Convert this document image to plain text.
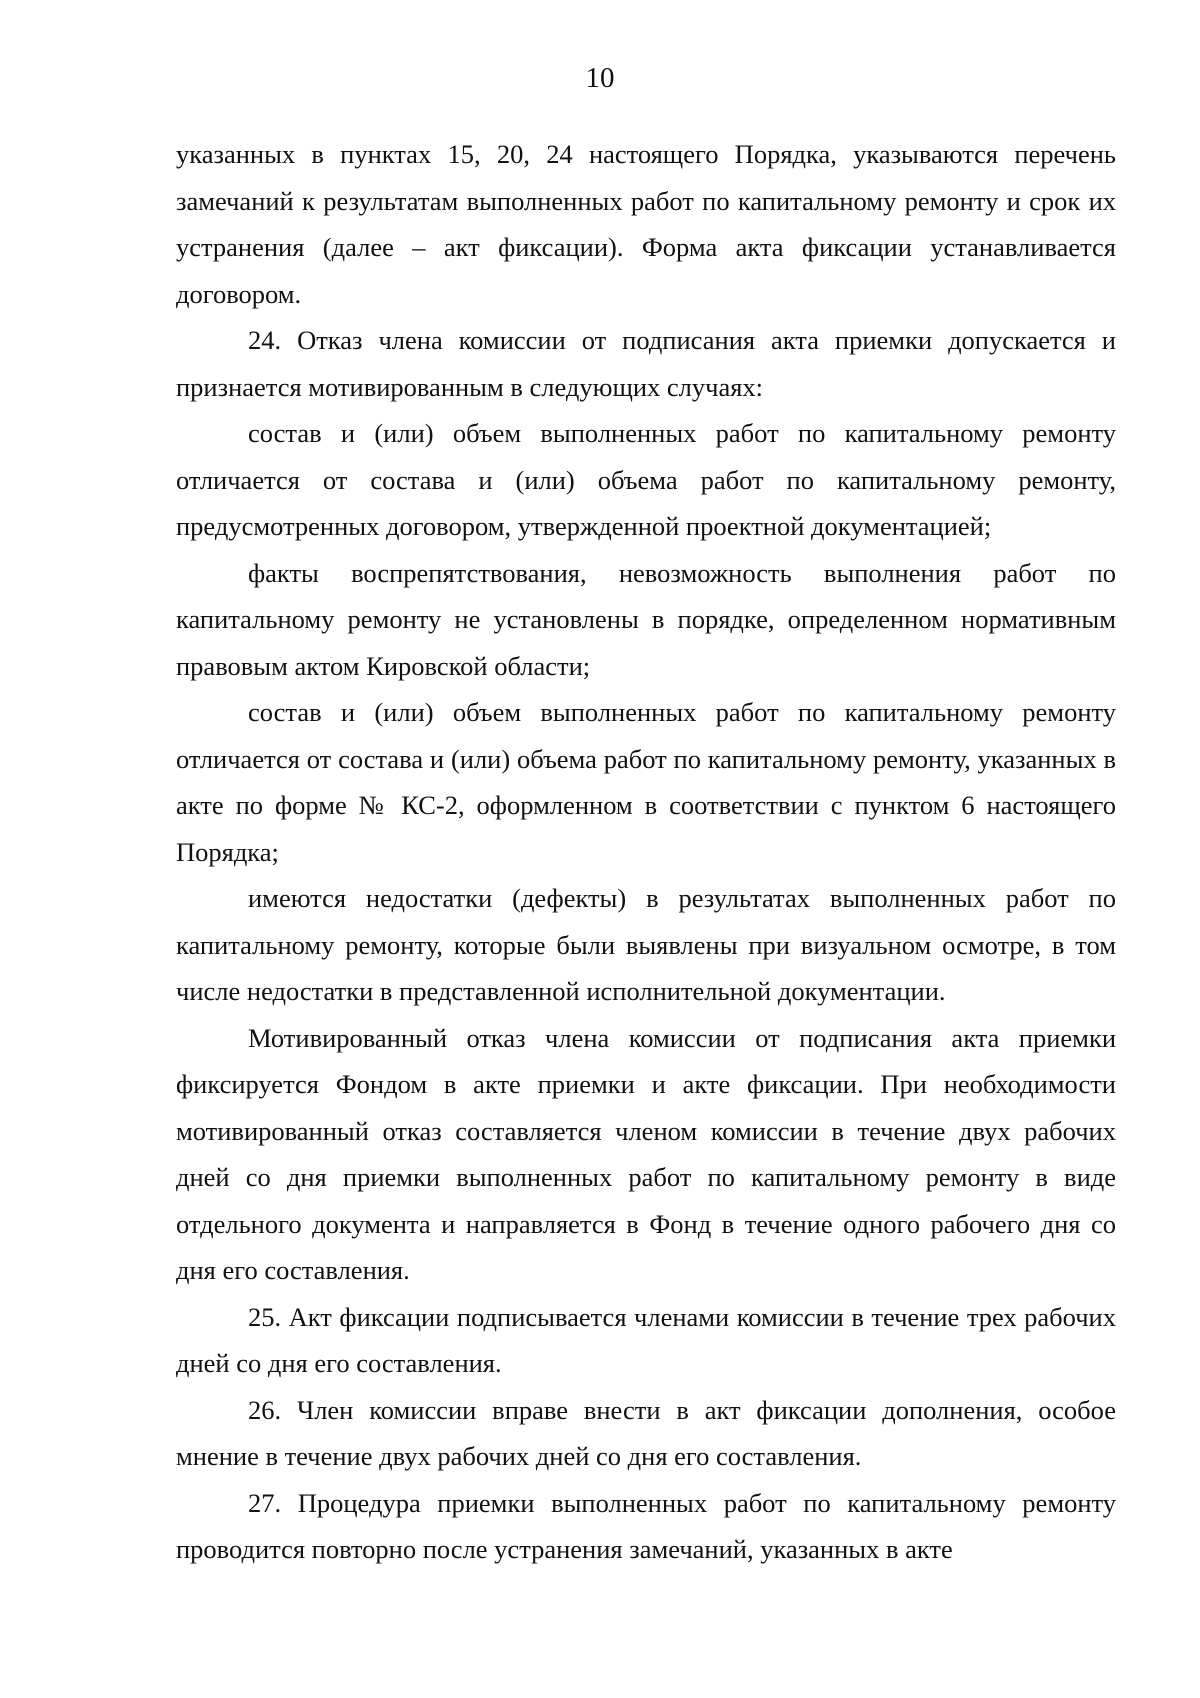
10

указанных в пунктах 15, 20, 24 настоящего Порядка, указываются перечень замечаний к результатам выполненных работ по капитальному ремонту и срок их устранения (далее – акт фиксации). Форма акта фиксации устанавливается договором.

24. Отказ члена комиссии от подписания акта приемки допускается и признается мотивированным в следующих случаях:

состав и (или) объем выполненных работ по капитальному ремонту отличается от состава и (или) объема работ по капитальному ремонту, предусмотренных договором, утвержденной проектной документацией;

факты воспрепятствования, невозможность выполнения работ по капитальному ремонту не установлены в порядке, определенном нормативным правовым актом Кировской области;

состав и (или) объем выполненных работ по капитальному ремонту отличается от состава и (или) объема работ по капитальному ремонту, указанных в акте по форме № КС-2, оформленном в соответствии с пунктом 6 настоящего Порядка;

имеются недостатки (дефекты) в результатах выполненных работ по капитальному ремонту, которые были выявлены при визуальном осмотре, в том числе недостатки в представленной исполнительной документации.

Мотивированный отказ члена комиссии от подписания акта приемки фиксируется Фондом в акте приемки и акте фиксации. При необходимости мотивированный отказ составляется членом комиссии в течение двух рабочих дней со дня приемки выполненных работ по капитальному ремонту в виде отдельного документа и направляется в Фонд в течение одного рабочего дня со дня его составления.

25. Акт фиксации подписывается членами комиссии в течение трех рабочих дней со дня его составления.

26. Член комиссии вправе внести в акт фиксации дополнения, особое мнение в течение двух рабочих дней со дня его составления.

27. Процедура приемки выполненных работ по капитальному ремонту проводится повторно после устранения замечаний, указанных в акте
